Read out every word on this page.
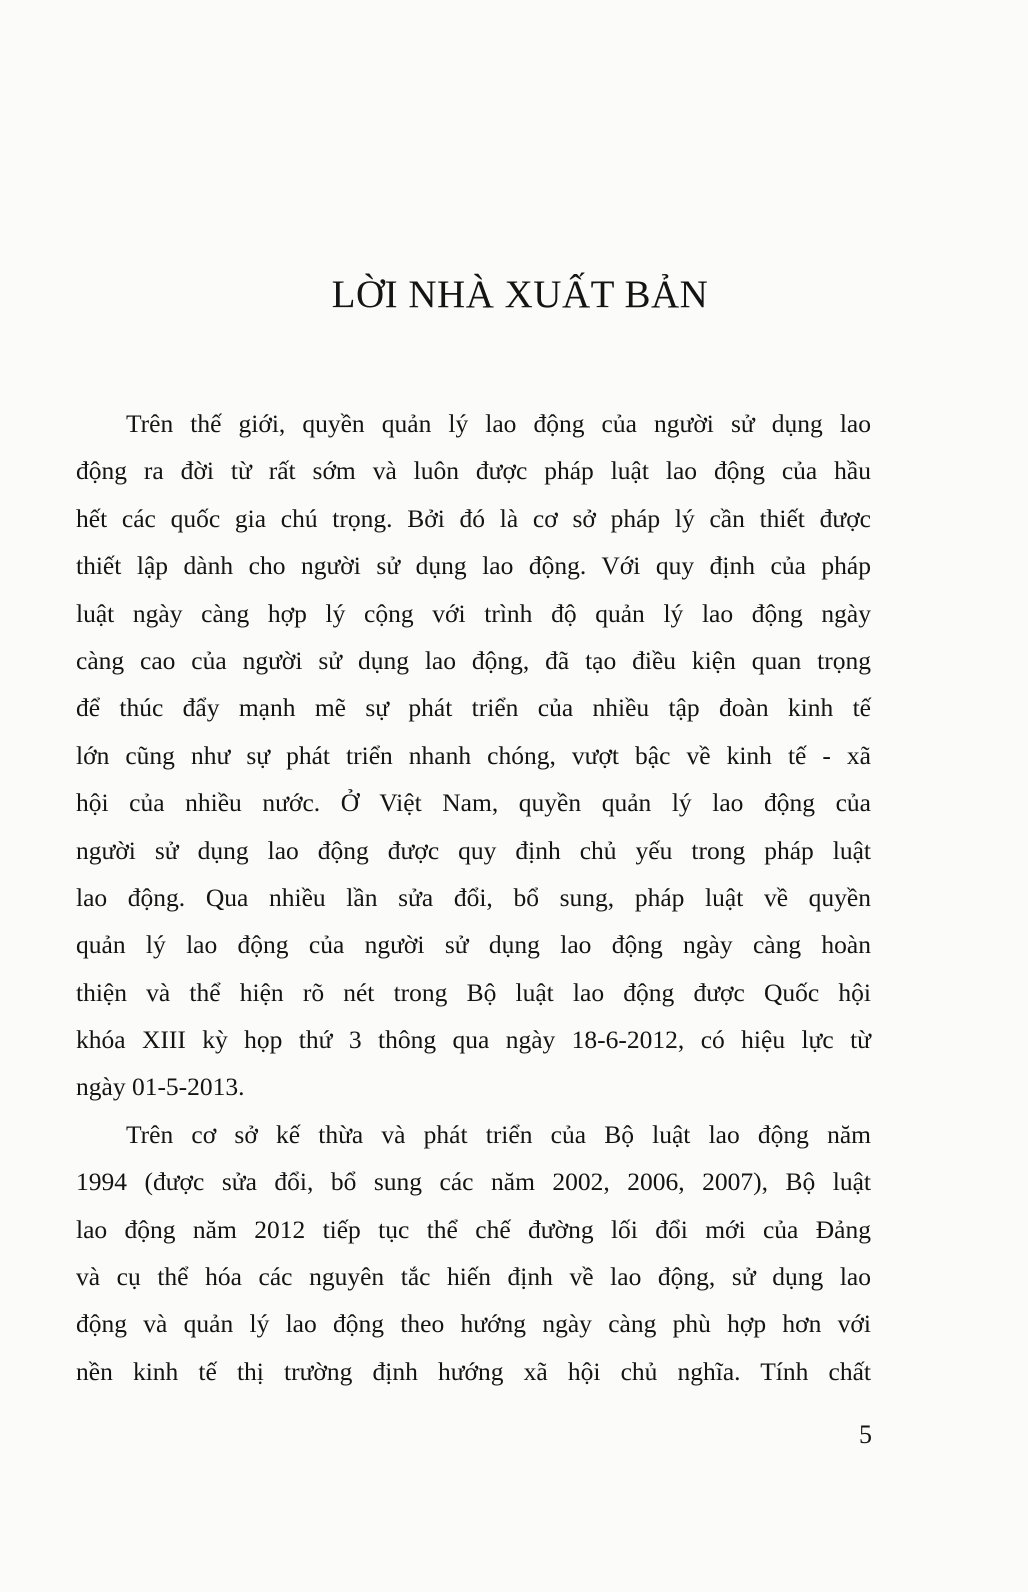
LỜI NHÀ XUẤT BẢN
Trên thế giới, quyền quản lý lao động của người sử dụng lao
động ra đời từ rất sớm và luôn được pháp luật lao động của hầu
hết các quốc gia chú trọng. Bởi đó là cơ sở pháp lý cần thiết được
thiết lập dành cho người sử dụng lao động. Với quy định của pháp
luật ngày càng hợp lý cộng với trình độ quản lý lao động ngày
càng cao của người sử dụng lao động, đã tạo điều kiện quan trọng
để thúc đẩy mạnh mẽ sự phát triển của nhiều tập đoàn kinh tế
lớn cũng như sự phát triển nhanh chóng, vượt bậc về kinh tế - xã
hội của nhiều nước. Ở Việt Nam, quyền quản lý lao động của
người sử dụng lao động được quy định chủ yếu trong pháp luật
lao động. Qua nhiều lần sửa đổi, bổ sung, pháp luật về quyền
quản lý lao động của người sử dụng lao động ngày càng hoàn
thiện và thể hiện rõ nét trong Bộ luật lao động được Quốc hội
khóa XIII kỳ họp thứ 3 thông qua ngày 18-6-2012, có hiệu lực từ
ngày 01-5-2013.
Trên cơ sở kế thừa và phát triển của Bộ luật lao động năm
1994 (được sửa đổi, bổ sung các năm 2002, 2006, 2007), Bộ luật
lao động năm 2012 tiếp tục thể chế đường lối đổi mới của Đảng
và cụ thể hóa các nguyên tắc hiến định về lao động, sử dụng lao
động và quản lý lao động theo hướng ngày càng phù hợp hơn với
nền kinh tế thị trường định hướng xã hội chủ nghĩa. Tính chất
5
